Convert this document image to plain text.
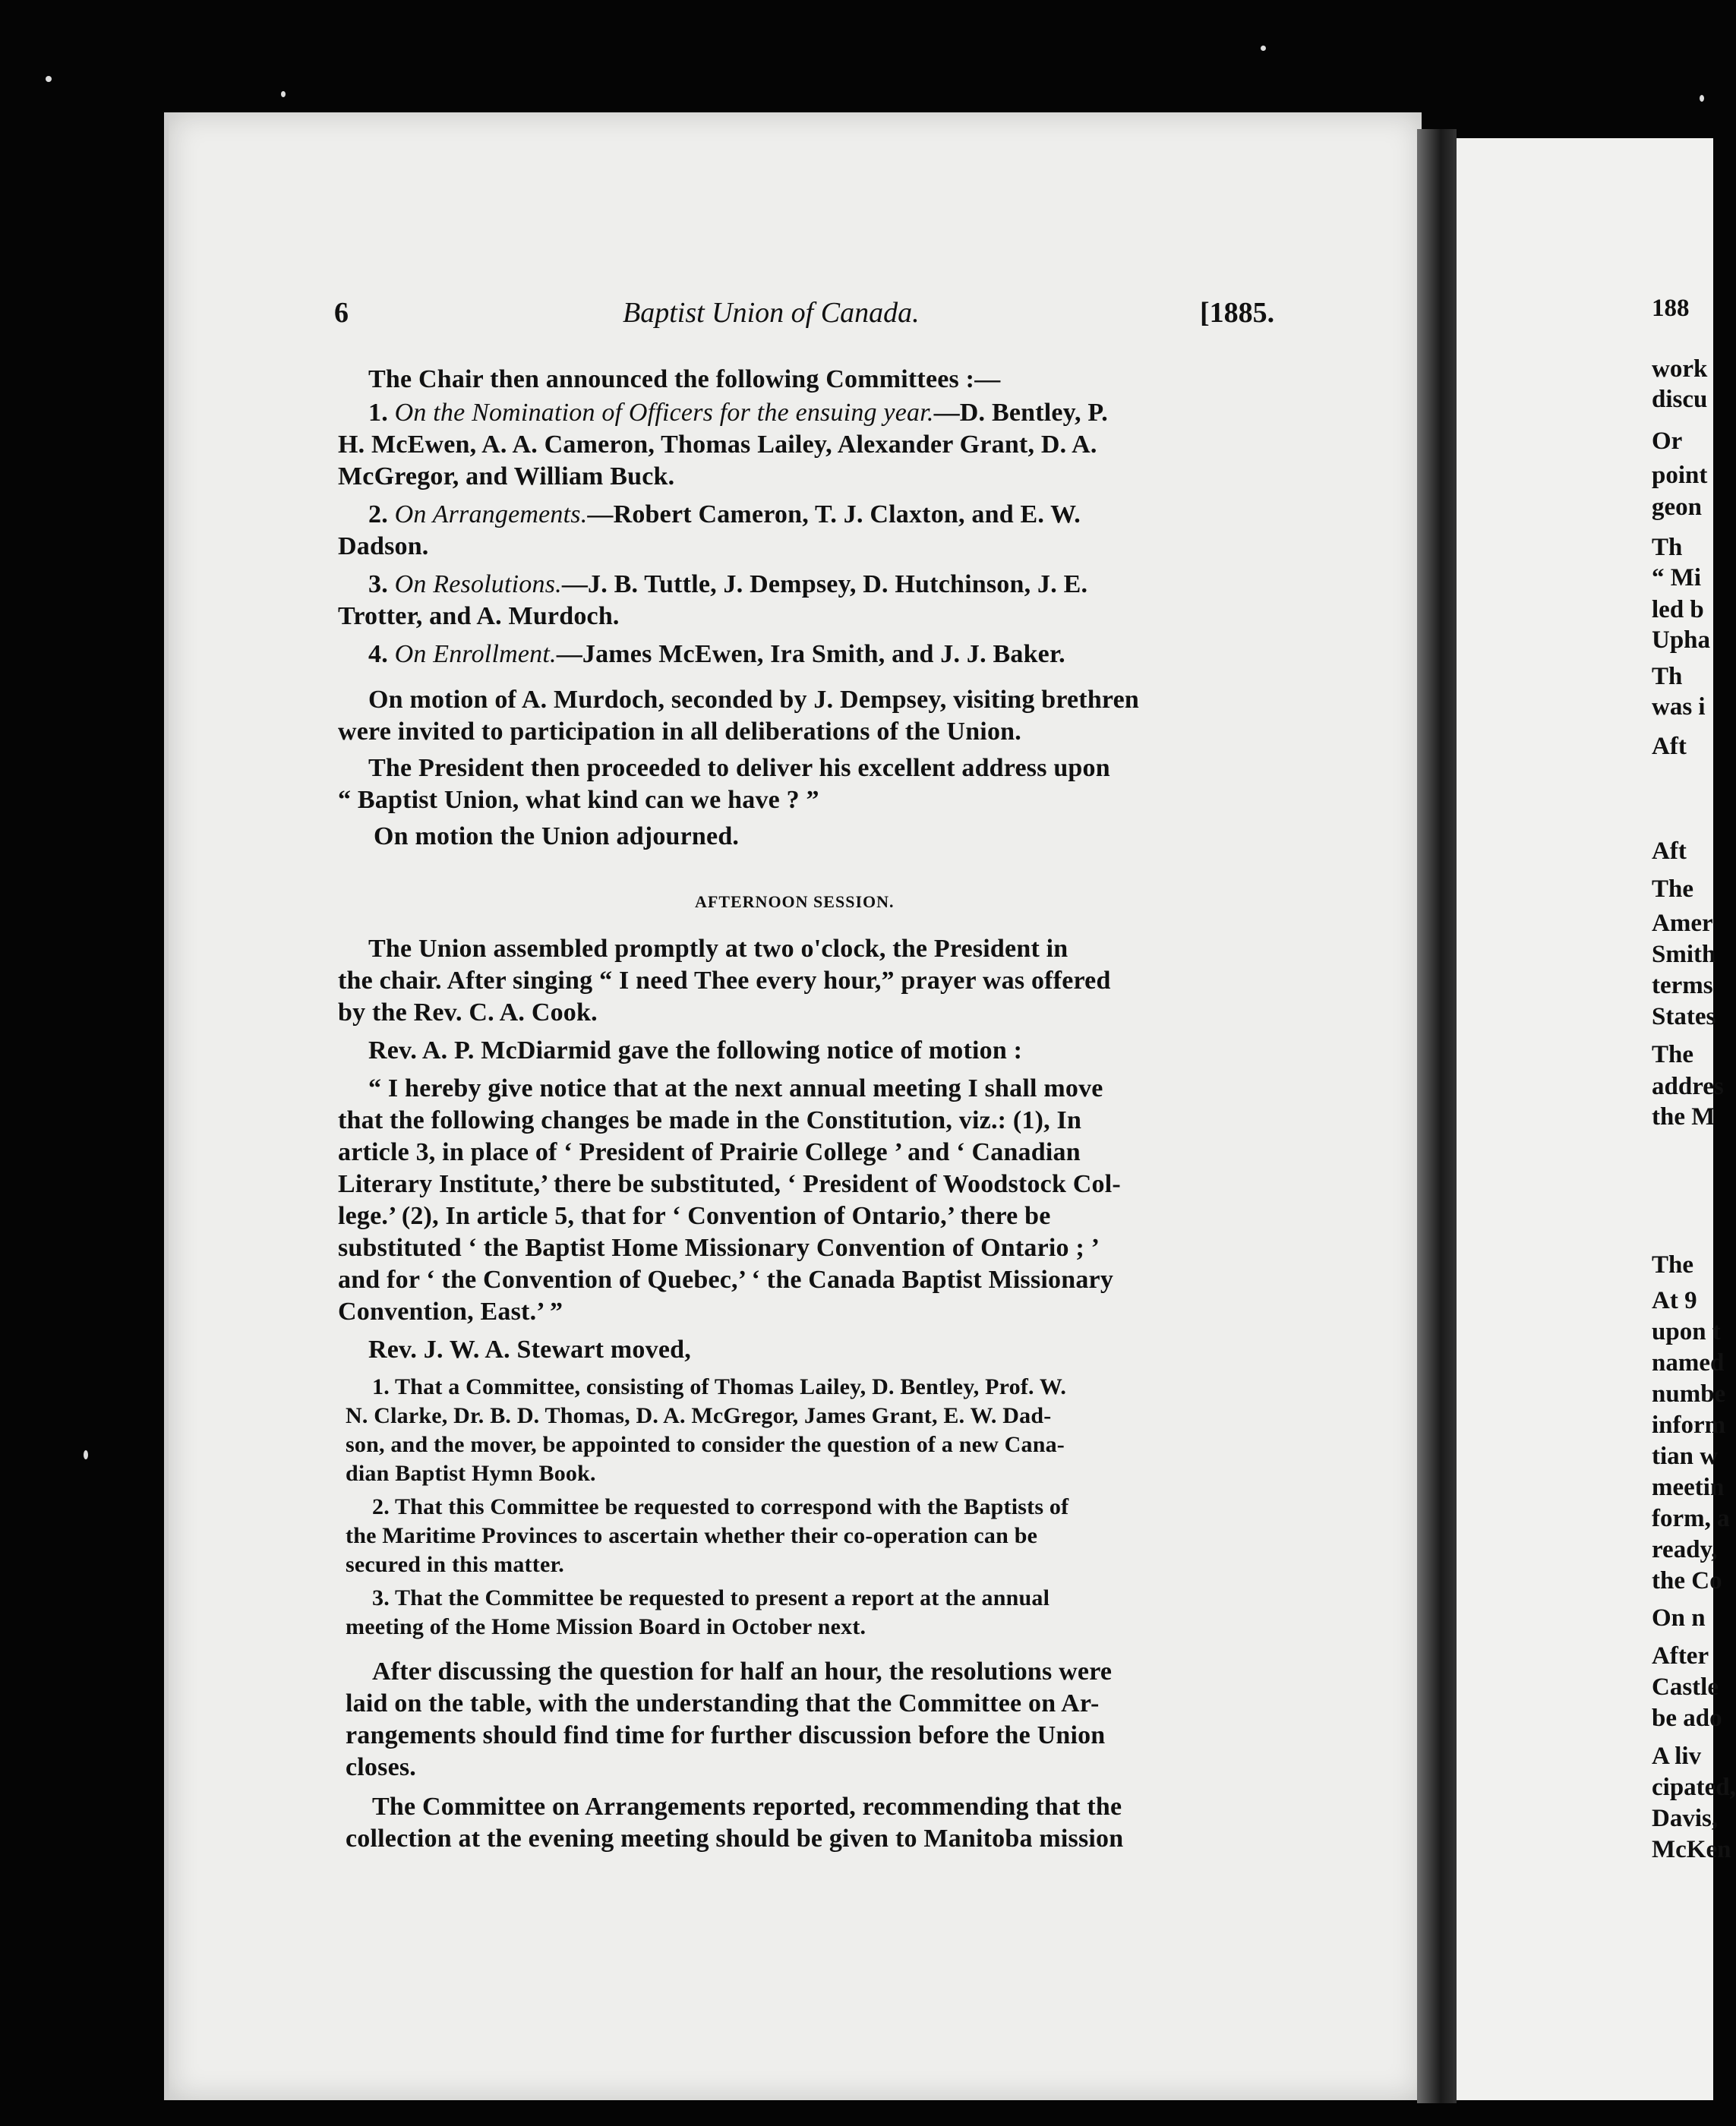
6	Baptist Union of Canada.	[1885.
The Chair then announced the following Committees :—
1. On the Nomination of Officers for the ensuing year.—D. Bentley, P.
H. McEwen, A. A. Cameron, Thomas Lailey, Alexander Grant, D. A.
McGregor, and William Buck.
2. On Arrangements.—Robert Cameron, T. J. Claxton, and E. W.
Dadson.
3. On Resolutions.—J. B. Tuttle, J. Dempsey, D. Hutchinson, J. E.
Trotter, and A. Murdoch.
4. On Enrollment.—James McEwen, Ira Smith, and J. J. Baker.
On motion of A. Murdoch, seconded by J. Dempsey, visiting brethren
were invited to participation in all deliberations of the Union.
The President then proceeded to deliver his excellent address upon
“ Baptist Union, what kind can we have ? ”
On motion the Union adjourned.
AFTERNOON SESSION.
The Union assembled promptly at two o'clock, the President in
the chair. After singing “ I need Thee every hour,” prayer was offered
by the Rev. C. A. Cook.
Rev. A. P. McDiarmid gave the following notice of motion :
“ I hereby give notice that at the next annual meeting I shall move
that the following changes be made in the Constitution, viz.: (1), In
article 3, in place of ‘ President of Prairie College ’ and ‘ Canadian
Literary Institute,’ there be substituted, ‘ President of Woodstock Col-
lege.’ (2), In article 5, that for ‘ Convention of Ontario,’ there be
substituted ‘ the Baptist Home Missionary Convention of Ontario ; ’
and for ‘ the Convention of Quebec,’ ‘ the Canada Baptist Missionary
Convention, East.’ ”
Rev. J. W. A. Stewart moved,
1. That a Committee, consisting of Thomas Lailey, D. Bentley, Prof. W.
N. Clarke, Dr. B. D. Thomas, D. A. McGregor, James Grant, E. W. Dad-
son, and the mover, be appointed to consider the question of a new Cana-
dian Baptist Hymn Book.
2. That this Committee be requested to correspond with the Baptists of
the Maritime Provinces to ascertain whether their co-operation can be
secured in this matter.
3. That the Committee be requested to present a report at the annual
meeting of the Home Mission Board in October next.
After discussing the question for half an hour, the resolutions were
laid on the table, with the understanding that the Committee on Ar-
rangements should find time for further discussion before the Union
closes.
The Committee on Arrangements reported, recommending that the
collection at the evening meeting should be given to Manitoba mission
188
work
discu
Or
point
geon
Th
“ Mi
led b
Upha
Th
was i
Aft
Aft
The
Amer
Smith
terms
States
The
addres
the M
The
At 9
upon t
named
numbe
inform
tian w
meetin
form, a
ready,
the Co
On n
After
Castle
be ado
A liv
cipated,
Davis,
McKen
